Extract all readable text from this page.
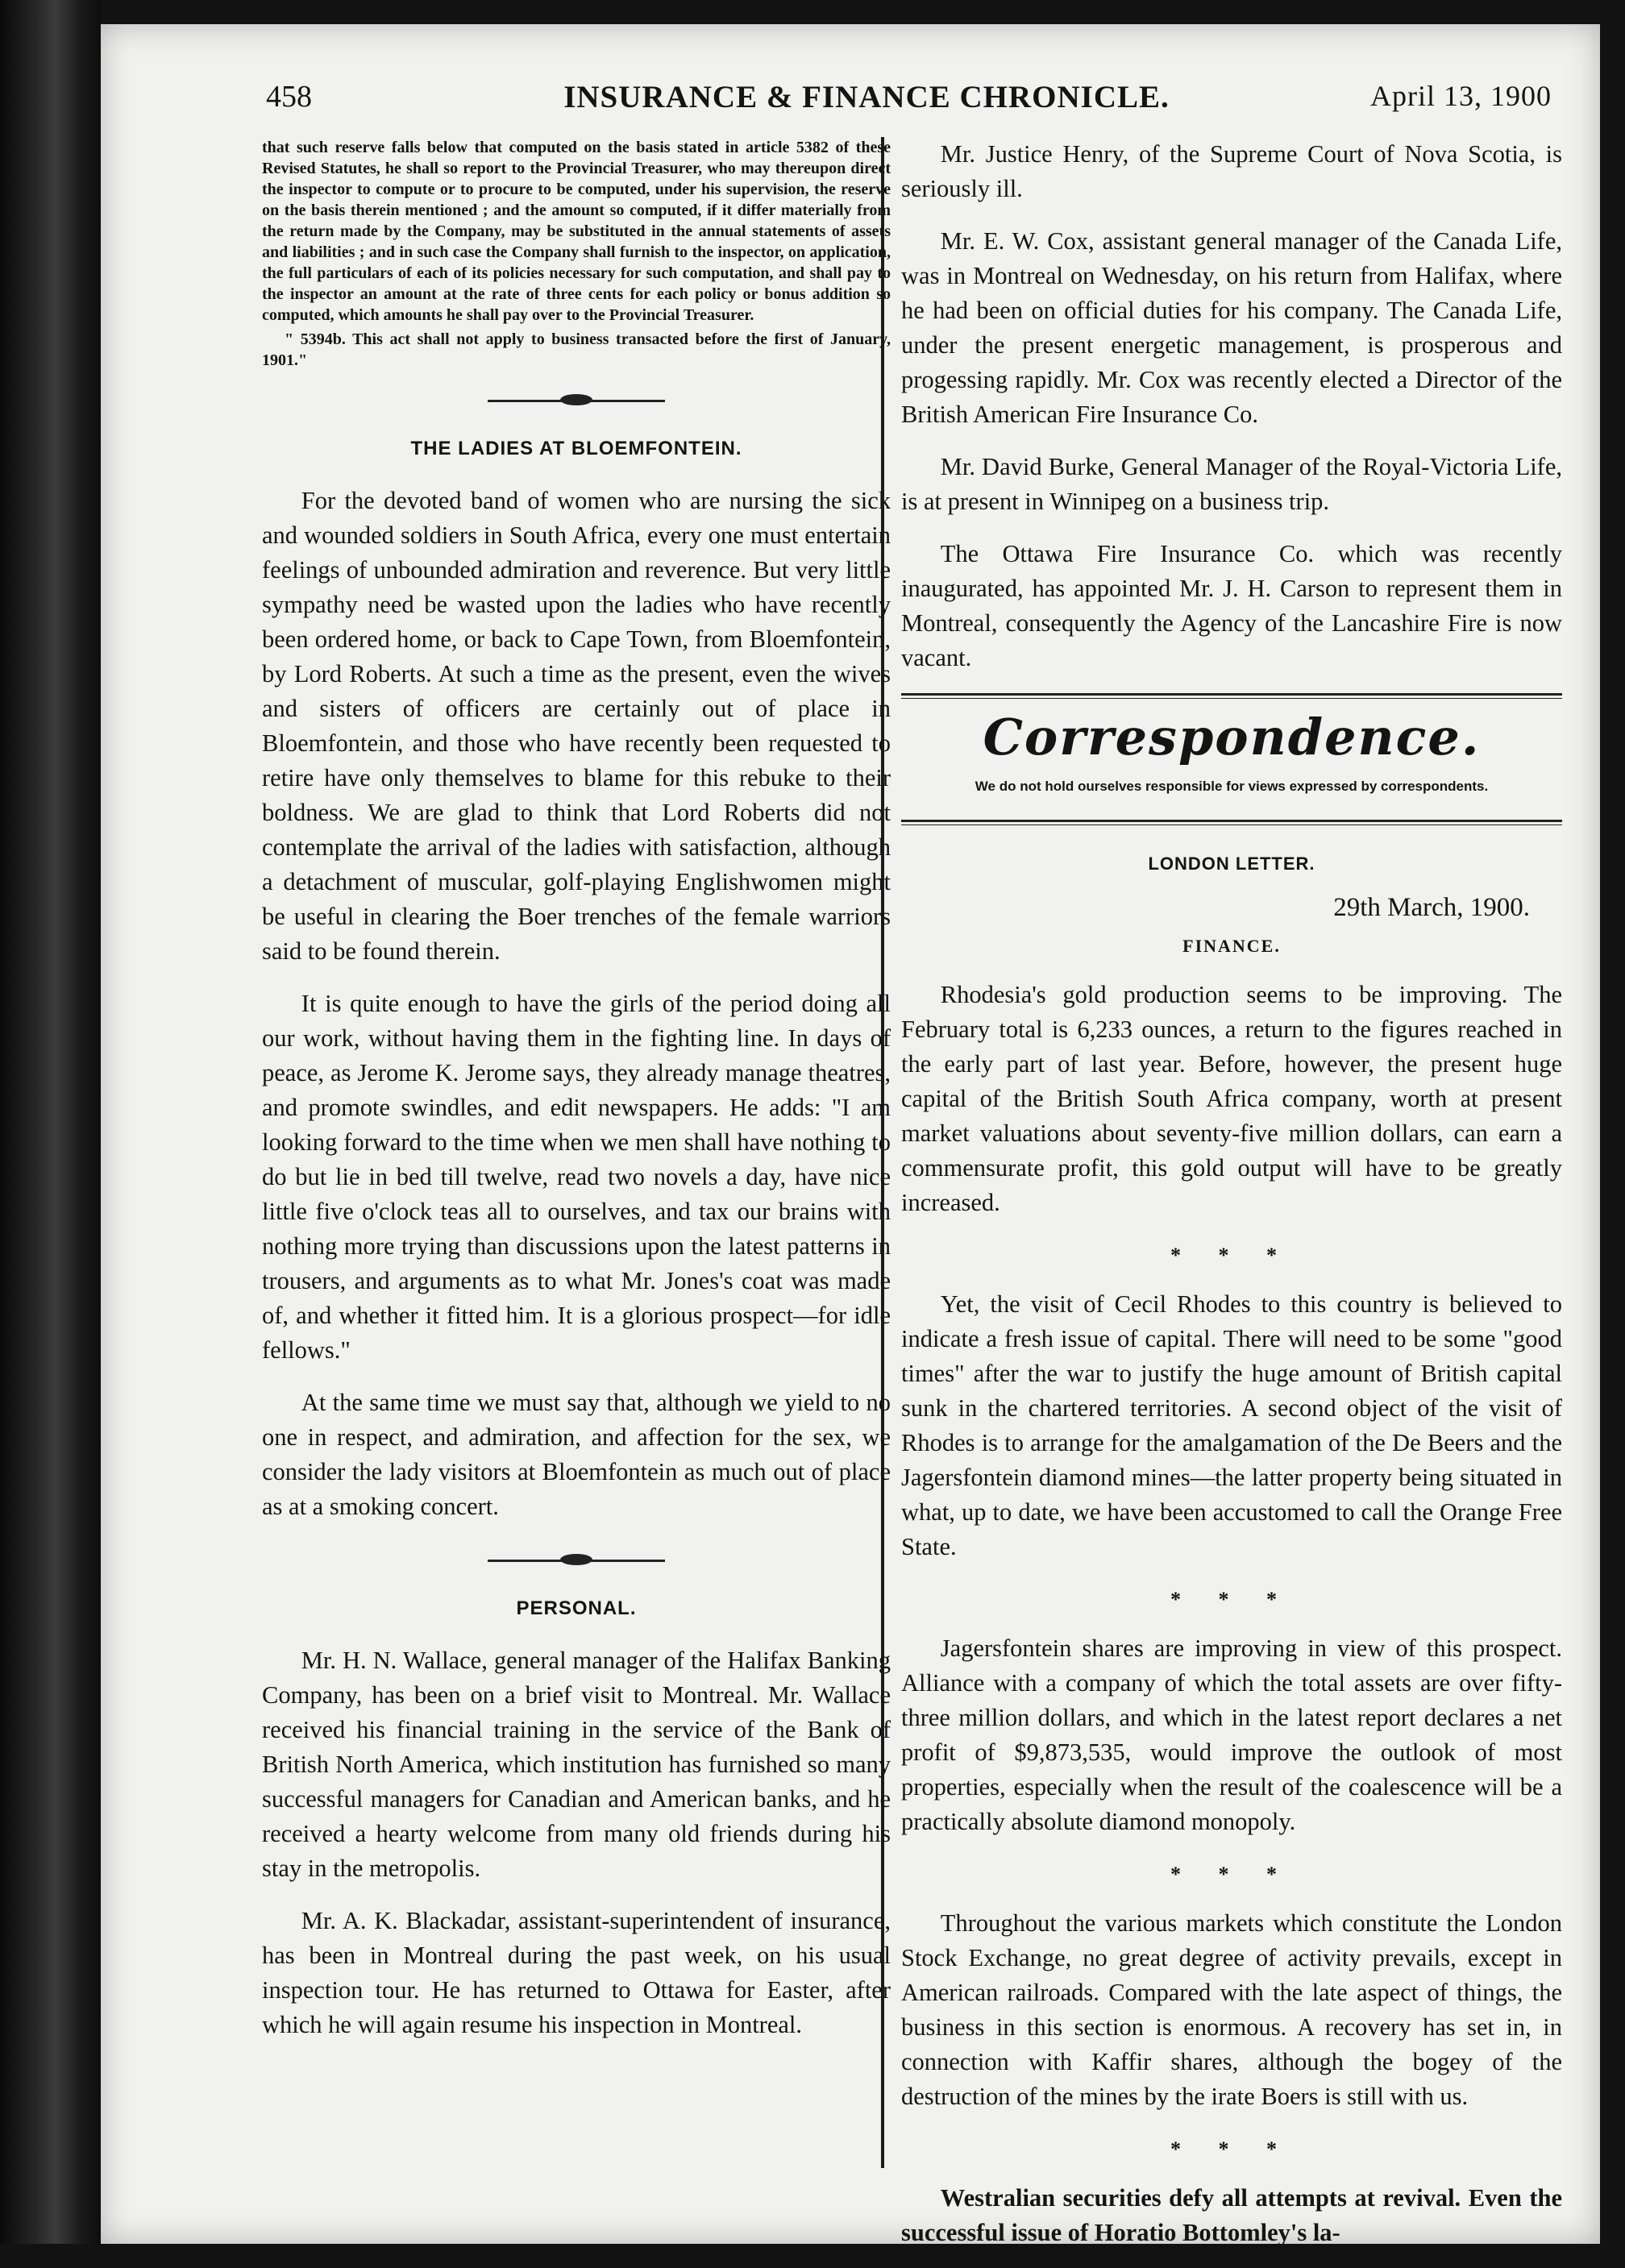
458	INSURANCE & FINANCE CHRONICLE.	April 13, 1900

that such reserve falls below that computed on the basis stated in article 5382 of these Revised Statutes, he shall so report to the Provincial Treasurer, who may thereupon direct the inspector to compute or to procure to be computed, under his supervision, the reserve on the basis therein mentioned ; and the amount so computed, if it differ materially from the return made by the Company, may be substituted in the annual statements of assets and liabilities ; and in such case the Company shall furnish to the inspector, on application, the full particulars of each of its policies necessary for such computation, and shall pay to the inspector an amount at the rate of three cents for each policy or bonus addition so computed, which amounts he shall pay over to the Provincial Treasurer.

" 5394b. This act shall not apply to business transacted before the first of January, 1901."

THE LADIES AT BLOEMFONTEIN.

For the devoted band of women who are nursing the sick and wounded soldiers in South Africa, every one must entertain feelings of unbounded admiration and reverence. But very little sympathy need be wasted upon the ladies who have recently been ordered home, or back to Cape Town, from Bloemfontein, by Lord Roberts. At such a time as the present, even the wives and sisters of officers are certainly out of place in Bloemfontein, and those who have recently been requested to retire have only themselves to blame for this rebuke to their boldness. We are glad to think that Lord Roberts did not contemplate the arrival of the ladies with satisfaction, although a detachment of muscular, golf-playing Englishwomen might be useful in clearing the Boer trenches of the female warriors said to be found therein.

It is quite enough to have the girls of the period doing all our work, without having them in the fighting line. In days of peace, as Jerome K. Jerome says, they already manage theatres, and promote swindles, and edit newspapers. He adds: "I am looking forward to the time when we men shall have nothing to do but lie in bed till twelve, read two novels a day, have nice little five o'clock teas all to ourselves, and tax our brains with nothing more trying than discussions upon the latest patterns in trousers, and arguments as to what Mr. Jones's coat was made of, and whether it fitted him. It is a glorious prospect—for idle fellows."

At the same time we must say that, although we yield to no one in respect, and admiration, and affection for the sex, we consider the lady visitors at Bloemfontein as much out of place as at a smoking concert.

PERSONAL.

Mr. H. N. Wallace, general manager of the Halifax Banking Company, has been on a brief visit to Montreal. Mr. Wallace received his financial training in the service of the Bank of British North America, which institution has furnished so many successful managers for Canadian and American banks, and he received a hearty welcome from many old friends during his stay in the metropolis.

Mr. A. K. Blackadar, assistant-superintendent of insurance, has been in Montreal during the past week, on his usual inspection tour. He has returned to Ottawa for Easter, after which he will again resume his inspection in Montreal.

Mr. Justice Henry, of the Supreme Court of Nova Scotia, is seriously ill.

Mr. E. W. Cox, assistant general manager of the Canada Life, was in Montreal on Wednesday, on his return from Halifax, where he had been on official duties for his company. The Canada Life, under the present energetic management, is prosperous and progessing rapidly. Mr. Cox was recently elected a Director of the British American Fire Insurance Co.

Mr. David Burke, General Manager of the Royal-Victoria Life, is at present in Winnipeg on a business trip.

The Ottawa Fire Insurance Co. which was recently inaugurated, has appointed Mr. J. H. Carson to represent them in Montreal, consequently the Agency of the Lancashire Fire is now vacant.

Correspondence.
We do not hold ourselves responsible for views expressed by correspondents.
LONDON LETTER.
29th March, 1900.
FINANCE.

Rhodesia's gold production seems to be improving. The February total is 6,233 ounces, a return to the figures reached in the early part of last year. Before, however, the present huge capital of the British South Africa company, worth at present market valuations about seventy-five million dollars, can earn a commensurate profit, this gold output will have to be greatly increased.

* * *

Yet, the visit of Cecil Rhodes to this country is believed to indicate a fresh issue of capital. There will need to be some "good times" after the war to justify the huge amount of British capital sunk in the chartered territories. A second object of the visit of Rhodes is to arrange for the amalgamation of the De Beers and the Jagersfontein diamond mines—the latter property being situated in what, up to date, we have been accustomed to call the Orange Free State.

* * *

Jagersfontein shares are improving in view of this prospect. Alliance with a company of which the total assets are over fifty-three million dollars, and which in the latest report declares a net profit of $9,873,535, would improve the outlook of most properties, especially when the result of the coalescence will be a practically absolute diamond monopoly.

* * *

Throughout the various markets which constitute the London Stock Exchange, no great degree of activity prevails, except in American railroads. Compared with the late aspect of things, the business in this section is enormous. A recovery has set in, in connection with Kaffir shares, although the bogey of the destruction of the mines by the irate Boers is still with us.

* * *

Westralian securities defy all attempts at revival. Even the successful issue of Horatio Bottomley's la-
